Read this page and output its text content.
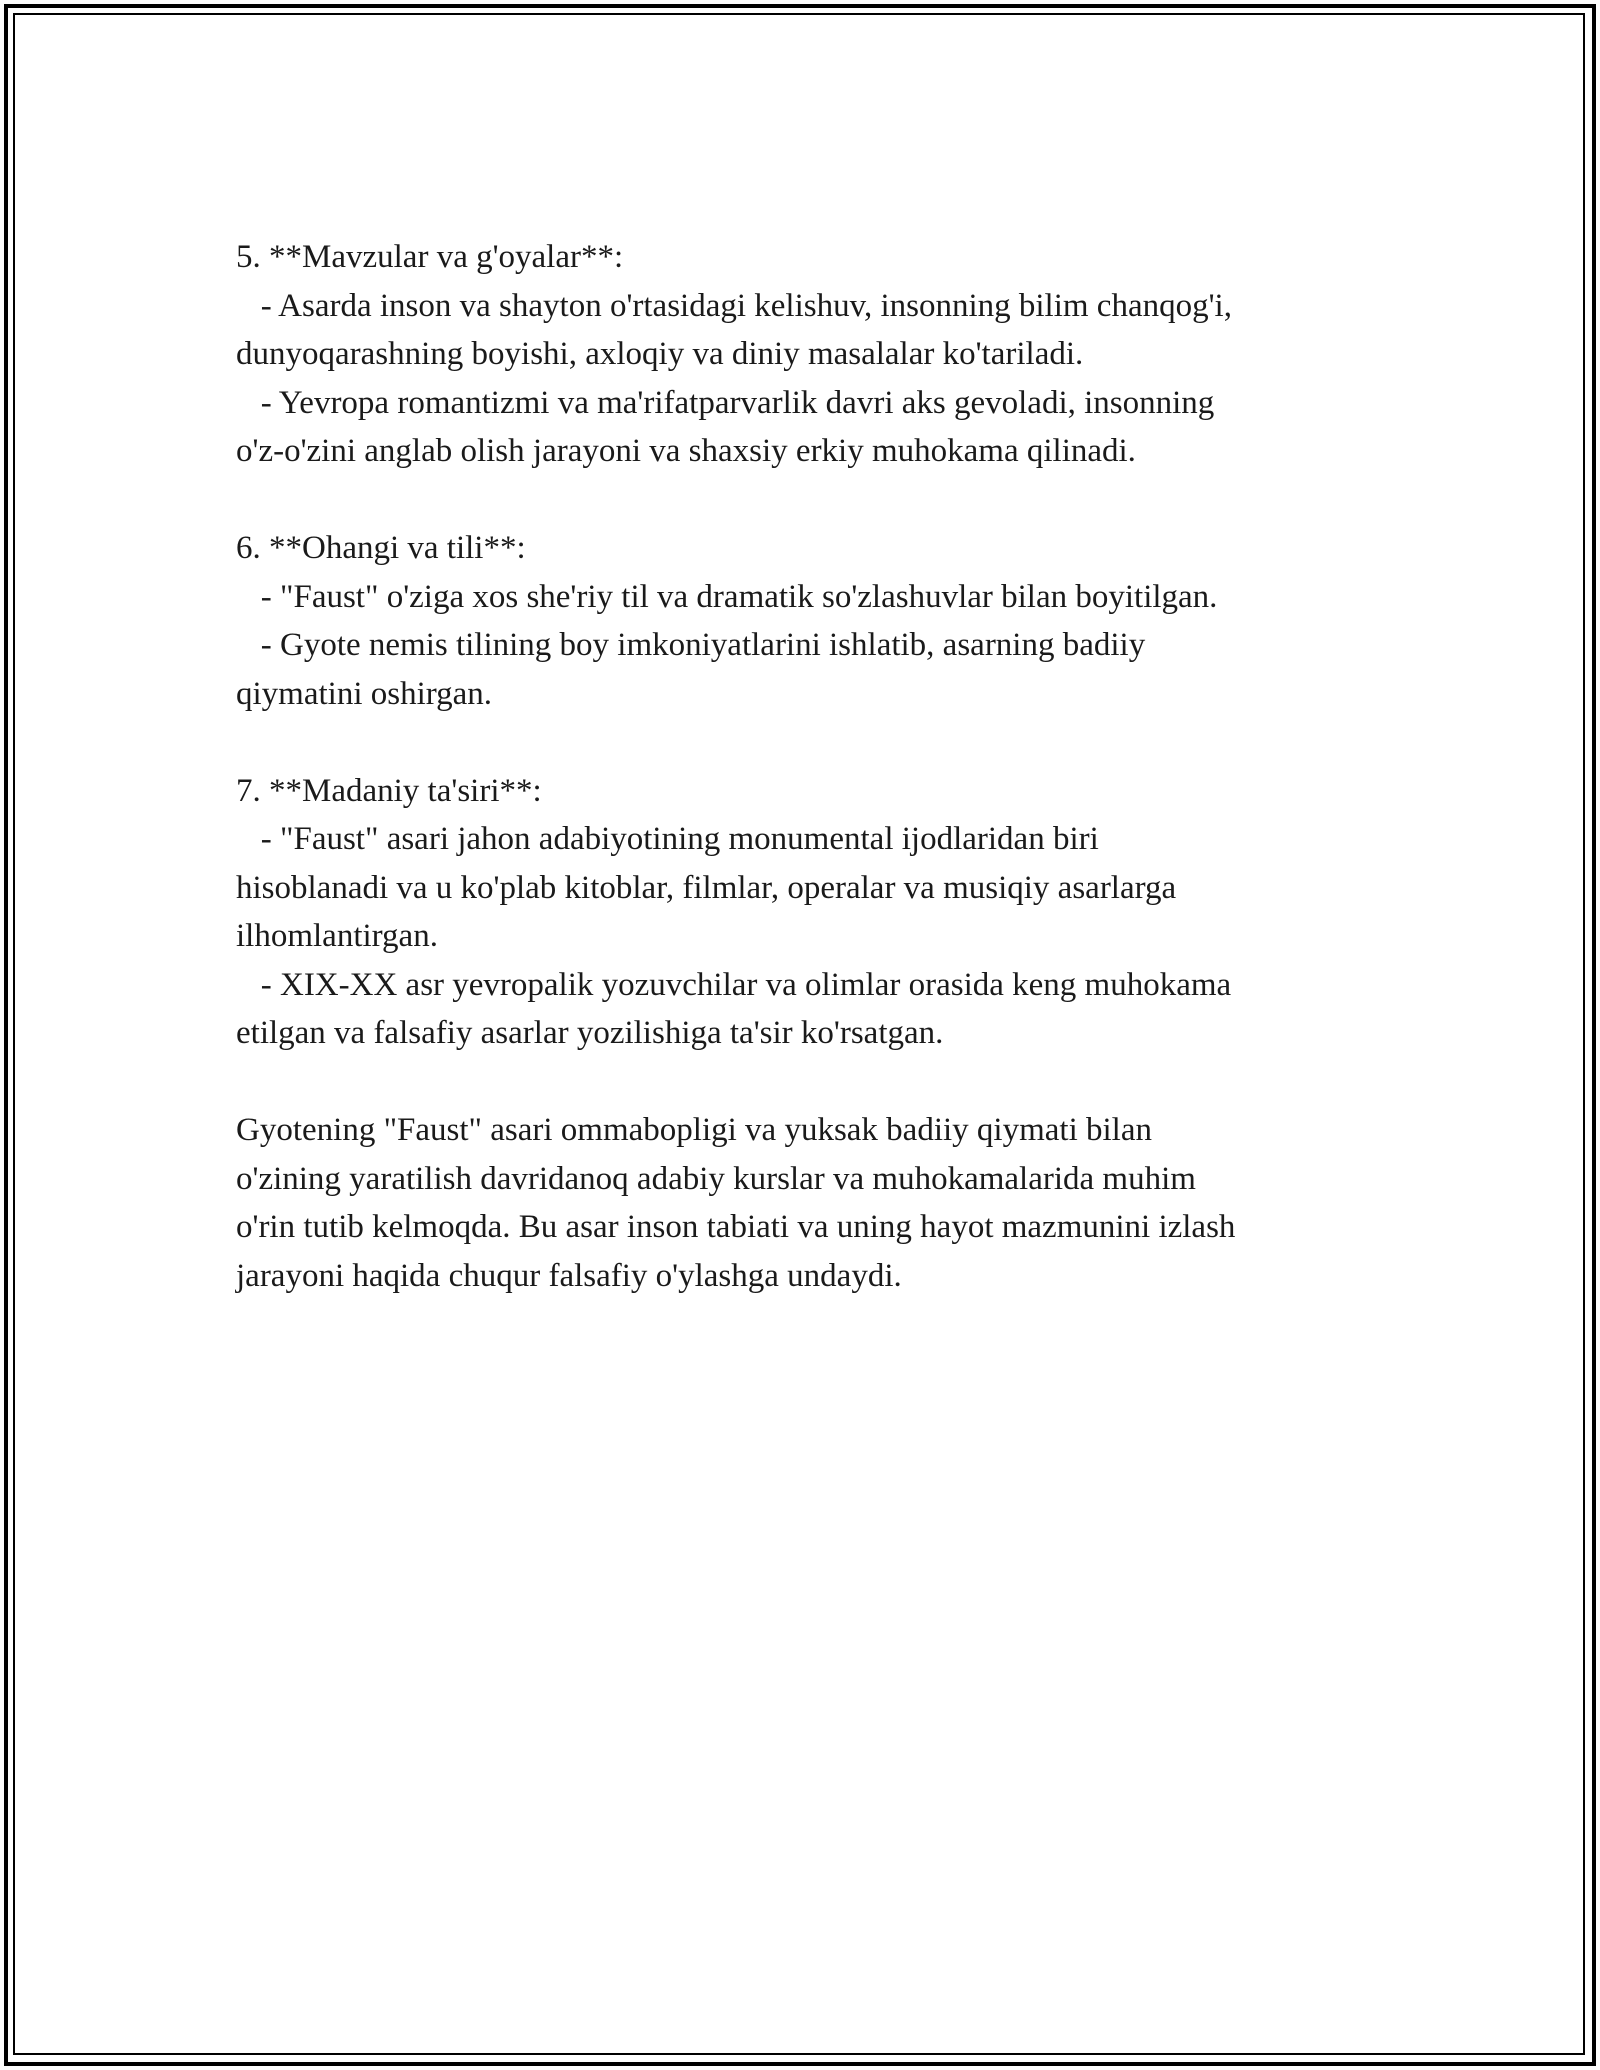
5. **Mavzular va g'oyalar**:

- Asarda inson va shayton o'rtasidagi kelishuv, insonning bilim chanqog'i,

dunyoqarashning boyishi, axloqiy va diniy masalalar ko'tariladi.

- Yevropa romantizmi va ma'rifatparvarlik davri aks gevoladi, insonning

o'z-o'zini anglab olish jarayoni va shaxsiy erkiy muhokama qilinadi.

6. **Ohangi va tili**:

- "Faust" o'ziga xos she'riy til va dramatik so'zlashuvlar bilan boyitilgan.

- Gyote nemis tilining boy imkoniyatlarini ishlatib, asarning badiiy

qiymatini oshirgan.

7. **Madaniy ta'siri**:

- "Faust" asari jahon adabiyotining monumental ijodlaridan biri

hisoblanadi va u ko'plab kitoblar, filmlar, operalar va musiqiy asarlarga

ilhomlantirgan.

- XIX-XX asr yevropalik yozuvchilar va olimlar orasida keng muhokama

etilgan va falsafiy asarlar yozilishiga ta'sir ko'rsatgan.

Gyotening "Faust" asari ommabopligi va yuksak badiiy qiymati bilan

o'zining yaratilish davridanoq adabiy kurslar va muhokamalarida muhim

o'rin tutib kelmoqda. Bu asar inson tabiati va uning hayot mazmunini izlash

jarayoni haqida chuqur falsafiy o'ylashga undaydi.
